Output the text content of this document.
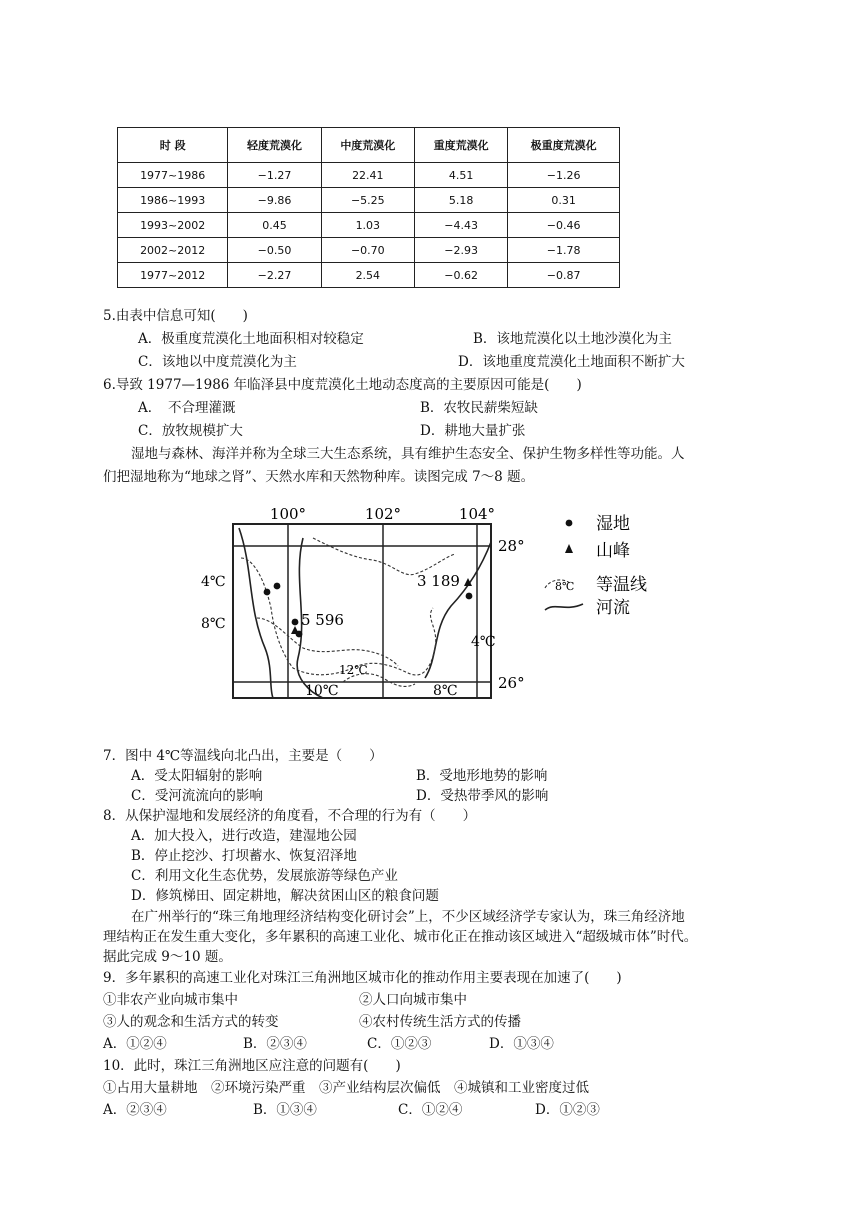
时 段	轻度荒漠化	中度荒漠化	重度荒漠化	极重度荒漠化
1977~1986	−1.27	22.41	4.51	−1.26
1986~1993	−9.86	−5.25	5.18	0.31
1993~2002	0.45	1.03	−4.43	−0.46
2002~2012	−0.50	−0.70	−2.93	−1.78
1977~2012	−2.27	2.54	−0.62	−0.87
5.由表中信息可知(　　)
A．极重度荒漠化土地面积相对较稳定	B．该地荒漠化以土地沙漠化为主
C．该地以中度荒漠化为主	D．该地重度荒漠化土地面积不断扩大
6.导致 1977—1986 年临泽县中度荒漠化土地动态度高的主要原因可能是(　　)
A．　不合理灌溉	B．农牧民薪柴短缺
C．放牧规模扩大	D．耕地大量扩张
湿地与森林、海洋并称为全球三大生态系统，具有维护生态安全、保护生物多样性等功能。人
们把湿地称为“地球之肾”、天然水库和天然物种库。读图完成 7～8 题。
100°	102°	104°
28°
26°
4℃
8℃
4℃
12℃
10℃	8℃
5 596
3 189
湿地
山峰
8℃ 等温线
河流
7．图中 4℃等温线向北凸出，主要是（　　）
A．受太阳辐射的影响	B．受地形地势的影响
C．受河流流向的影响	D．受热带季风的影响
8．从保护湿地和发展经济的角度看，不合理的行为有（　　）
A．加大投入，进行改造，建湿地公园
B．停止挖沙、打坝蓄水、恢复沼泽地
C．利用文化生态优势，发展旅游等绿色产业
D．修筑梯田、固定耕地，解决贫困山区的粮食问题
在广州举行的“珠三角地理经济结构变化研讨会”上，不少区域经济学专家认为，珠三角经济地
理结构正在发生重大变化，多年累积的高速工业化、城市化正在推动该区域进入“超级城市体”时代。
据此完成 9～10 题。
9．多年累积的高速工业化对珠江三角洲地区城市化的推动作用主要表现在加速了(　　)
①非农产业向城市集中	②人口向城市集中
③人的观念和生活方式的转变	④农村传统生活方式的传播
A．①②④	B．②③④	C．①②③	D．①③④
10．此时，珠江三角洲地区应注意的问题有(　　)
①占用大量耕地　②环境污染严重　③产业结构层次偏低　④城镇和工业密度过低
A．②③④	B．①③④	C．①②④	D．①②③
